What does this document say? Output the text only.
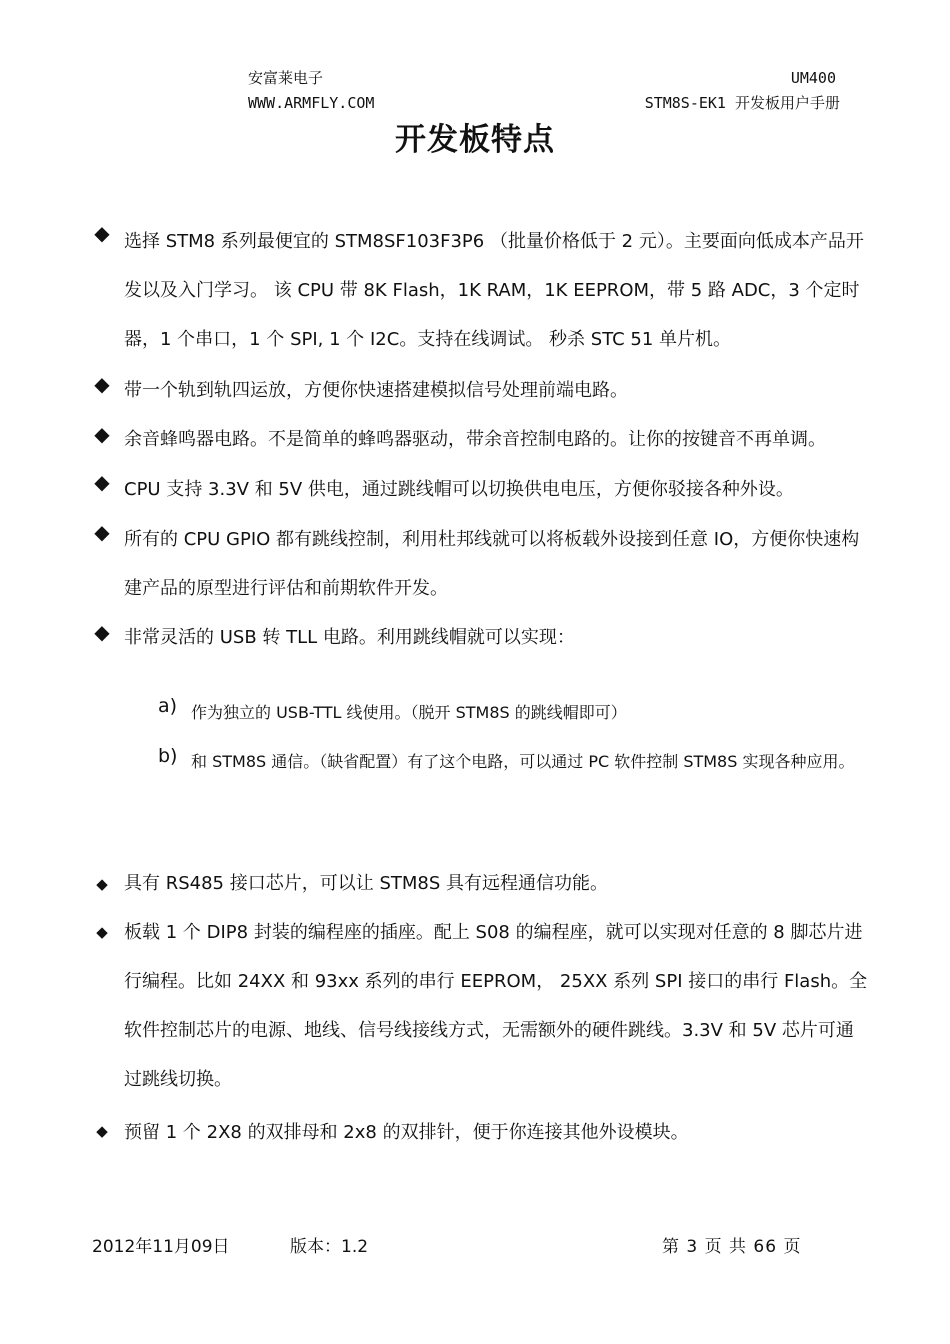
安富莱电子
WWW.ARMFLY.COM
UM400
STM8S-EK1 开发板用户手册
开发板特点
◆ 选择 STM8 系列最便宜的 STM8SF103F3P6 （批量价格低于 2 元）。主要面向低成本产品开发以及入门学习。 该 CPU 带 8K Flash，1K RAM，1K EEPROM，带 5 路 ADC，3 个定时器，1 个串口，1 个 SPI, 1 个 I2C。支持在线调试。 秒杀 STC 51 单片机。
◆ 带一个轨到轨四运放，方便你快速搭建模拟信号处理前端电路。
◆ 余音蜂鸣器电路。不是简单的蜂鸣器驱动，带余音控制电路的。让你的按键音不再单调。
◆ CPU 支持 3.3V 和 5V 供电，通过跳线帽可以切换供电电压，方便你驳接各种外设。
◆ 所有的 CPU GPIO 都有跳线控制，利用杜邦线就可以将板载外设接到任意 IO，方便你快速构建产品的原型进行评估和前期软件开发。
◆ 非常灵活的 USB 转 TLL 电路。利用跳线帽就可以实现：
a) 作为独立的 USB-TTL 线使用。（脱开 STM8S 的跳线帽即可）
b) 和 STM8S 通信。（缺省配置）有了这个电路，可以通过 PC 软件控制 STM8S 实现各种应用。
◆ 具有 RS485 接口芯片，可以让 STM8S 具有远程通信功能。
◆ 板载 1 个 DIP8 封装的编程座的插座。配上 S08 的编程座，就可以实现对任意的 8 脚芯片进行编程。比如 24XX 和 93xx 系列的串行 EEPROM， 25XX 系列 SPI 接口的串行 Flash。全软件控制芯片的电源、地线、信号线接线方式，无需额外的硬件跳线。3.3V 和 5V 芯片可通过跳线切换。
◆ 预留 1 个 2X8 的双排母和 2x8 的双排针，便于你连接其他外设模块。
2012年11月09日	版本：1.2	第 3 页 共 66 页
